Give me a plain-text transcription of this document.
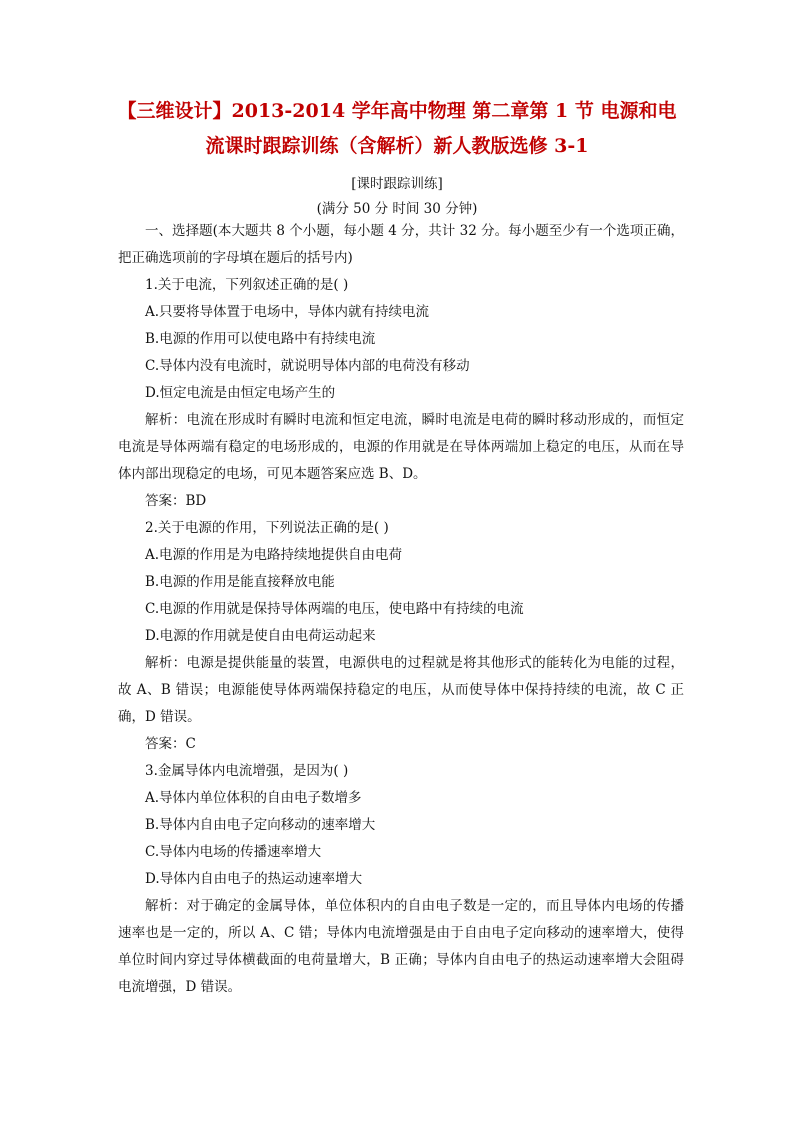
【三维设计】2013-2014 学年高中物理 第二章第 1 节 电源和电
流课时跟踪训练（含解析）新人教版选修 3-1
[课时跟踪训练]
(满分 50 分 时间 30 分钟)

一、选择题(本大题共 8 个小题，每小题 4 分，共计 32 分。每小题至少有一个选项正确，把正确选项前的字母填在题后的括号内)

1.关于电流，下列叙述正确的是( )

A.只要将导体置于电场中，导体内就有持续电流

B.电源的作用可以使电路中有持续电流

C.导体内没有电流时，就说明导体内部的电荷没有移动

D.恒定电流是由恒定电场产生的

解析：电流在形成时有瞬时电流和恒定电流，瞬时电流是电荷的瞬时移动形成的，而恒定电流是导体两端有稳定的电场形成的，电源的作用就是在导体两端加上稳定的电压，从而在导体内部出现稳定的电场，可见本题答案应选 B、D。

答案：BD

2.关于电源的作用，下列说法正确的是( )

A.电源的作用是为电路持续地提供自由电荷

B.电源的作用是能直接释放电能

C.电源的作用就是保持导体两端的电压，使电路中有持续的电流

D.电源的作用就是使自由电荷运动起来

解析：电源是提供能量的装置，电源供电的过程就是将其他形式的能转化为电能的过程，故 A、B 错误；电源能使导体两端保持稳定的电压，从而使导体中保持持续的电流，故 C 正确，D 错误。

答案：C

3.金属导体内电流增强，是因为( )

A.导体内单位体积的自由电子数增多

B.导体内自由电子定向移动的速率增大

C.导体内电场的传播速率增大

D.导体内自由电子的热运动速率增大

解析：对于确定的金属导体，单位体积内的自由电子数是一定的，而且导体内电场的传播速率也是一定的，所以 A、C 错；导体内电流增强是由于自由电子定向移动的速率增大，使得单位时间内穿过导体横截面的电荷量增大，B 正确；导体内自由电子的热运动速率增大会阻碍电流增强，D 错误。
